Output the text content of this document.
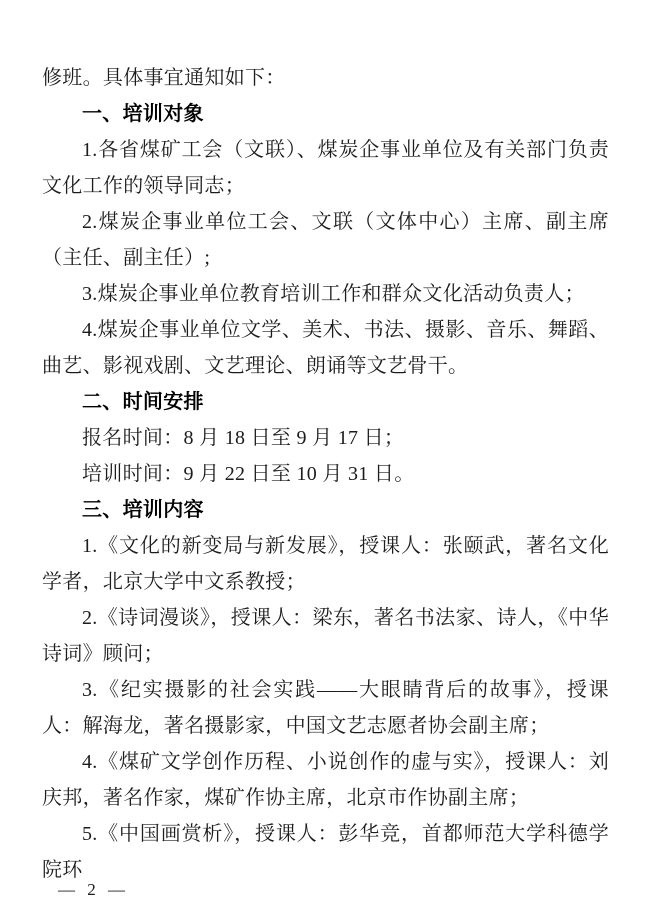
修班。具体事宜通知如下：

一、培训对象

1.各省煤矿工会（文联）、煤炭企事业单位及有关部门负责文化工作的领导同志；

2.煤炭企事业单位工会、文联（文体中心）主席、副主席（主任、副主任）;

3.煤炭企事业单位教育培训工作和群众文化活动负责人；

4.煤炭企事业单位文学、美术、书法、摄影、音乐、舞蹈、曲艺、影视戏剧、文艺理论、朗诵等文艺骨干。

二、时间安排

报名时间：8 月 18 日至 9 月 17 日；

培训时间：9 月 22 日至 10 月 31 日。

三、培训内容

1.《文化的新变局与新发展》，授课人：张颐武，著名文化学者，北京大学中文系教授；

2.《诗词漫谈》，授课人：梁东，著名书法家、诗人，《中华诗词》顾问；

3.《纪实摄影的社会实践——大眼睛背后的故事》，授课人：解海龙，著名摄影家，中国文艺志愿者协会副主席；

4.《煤矿文学创作历程、小说创作的虚与实》，授课人：刘庆邦，著名作家，煤矿作协主席，北京市作协副主席；

5.《中国画赏析》，授课人：彭华竞，首都师范大学科德学院环

— 2 —
